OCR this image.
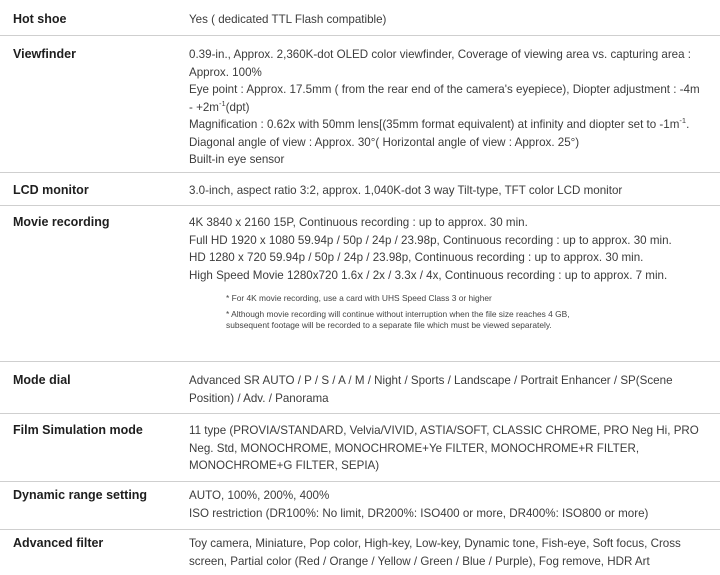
Hot shoe	Yes ( dedicated TTL Flash compatible)
Viewfinder	0.39-in., Approx. 2,360K-dot OLED color viewfinder, Coverage of viewing area vs. capturing area :
Approx. 100%
Eye point : Approx. 17.5mm ( from the rear end of the camera's eyepiece), Diopter adjustment : -4m
- $+2m^{-1}(dpt)$
Magnification : 0.62x with 50mm lens[(35mm format equivalent) at infinity and diopter set to $-1m^{-1}$.
Diagonal angle of view : Approx. 30°( Horizontal angle of view : Approx. 25°)
Built-in eye sensor
LCD monitor	3.0-inch, aspect ratio 3:2, approx. 1,040K-dot 3 way Tilt-type, TFT color LCD monitor
Movie recording	4K 3840 x 2160 15P, Continuous recording : up to approx. 30 min.
Full HD 1920 x 1080 59.94p / 50p / 24p / 23.98p, Continuous recording : up to approx. 30 min.
HD 1280 x 720 59.94p / 50p / 24p / 23.98p, Continuous recording : up to approx. 30 min.
High Speed Movie 1280x720 1.6x / 2x / 3.3x / 4x, Continuous recording : up to approx. 7 min.
* For 4K movie recording, use a card with UHS Speed Class 3 or higher
* Although movie recording will continue without interruption when the file size reaches 4 GB,
subsequent footage will be recorded to a separate file which must be viewed separately.
Mode dial	Advanced SR AUTO / P / S / A / M / Night / Sports / Landscape / Portrait Enhancer / SP(Scene
Position) / Adv. / Panorama
Film Simulation mode	11 type (PROVIA/STANDARD, Velvia/VIVID, ASTIA/SOFT, CLASSIC CHROME, PRO Neg Hi, PRO
Neg. Std, MONOCHROME, MONOCHROME+Ye FILTER, MONOCHROME+R FILTER,
MONOCHROME+G FILTER, SEPIA)
Dynamic range setting	AUTO, 100%, 200%, 400%
ISO restriction (DR100%: No limit, DR200%: ISO400 or more, DR400%: ISO800 or more)
Advanced filter	Toy camera, Miniature, Pop color, High-key, Low-key, Dynamic tone, Fish-eye, Soft focus, Cross
screen, Partial color (Red / Orange / Yellow / Green / Blue / Purple), Fog remove, HDR Art
